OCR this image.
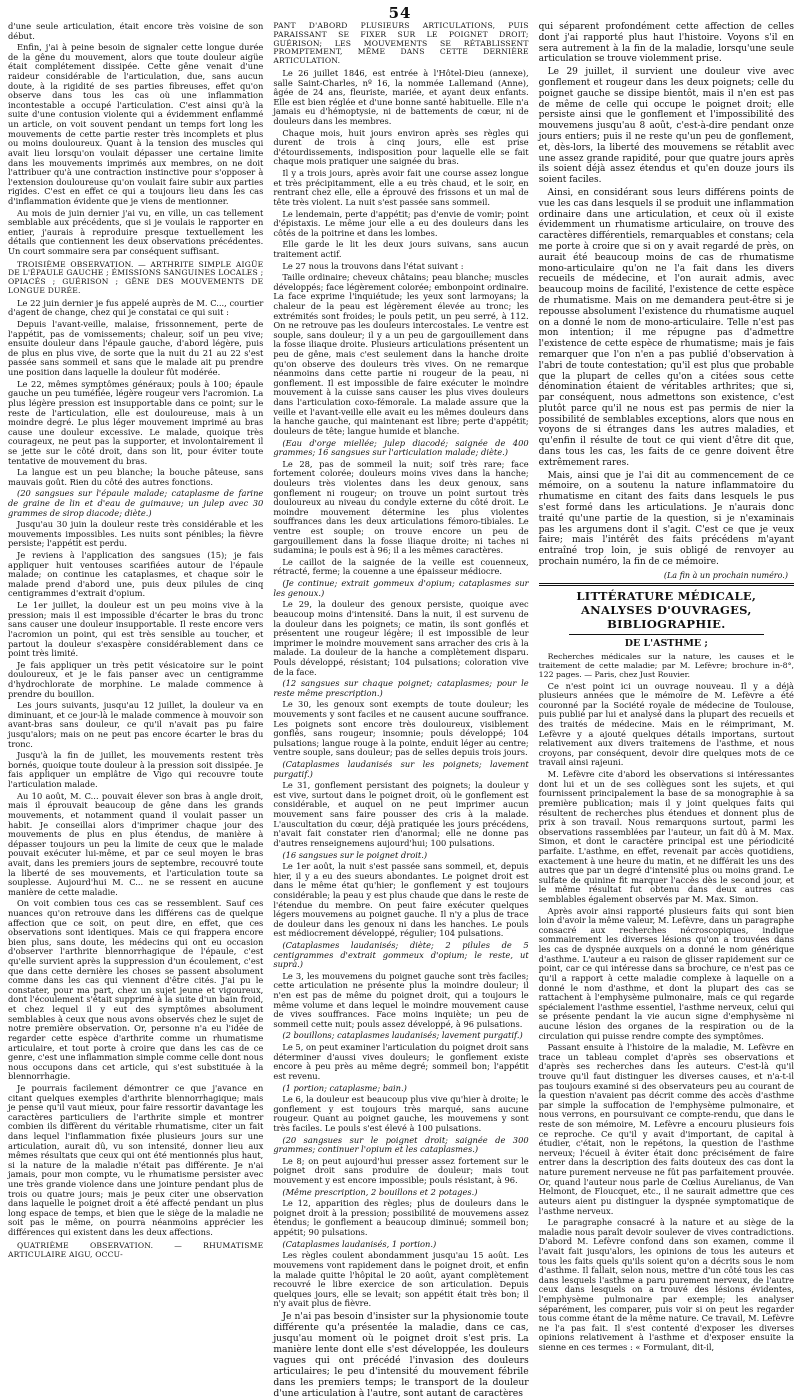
54

d'une seule articulation, était encore très voisine de son début.

Enfin, j'ai à peine besoin de signaler cette longue durée de la gêne du mouvement, alors que toute douleur aigüe était complétement dissipée. Cette gêne venait d'une raideur considérable de l'articulation, due, sans aucun doute, à la rigidité de ses parties fibreuses, effet qu'on observe dans tous les cas où une inflammation incontestable a occupé l'articulation. C'est ainsi qu'à la suite d'une contusion violente qui a évidemment enflammé un article, on voit souvent pendant un temps fort long les mouvements de cette partie rester très incomplets et plus ou moins douloureux. Quant à la tension des muscles qui avait lieu lorsqu'on voulait dépasser une certaine limite dans les mouvements imprimés aux membres, on ne doit l'attribuer qu'à une contraction instinctive pour s'opposer à l'extension douloureuse qu'on voulait faire subir aux parties rigides. C'est en effet ce qui a toujours lieu dans les cas d'inflammation évidente que je viens de mentionner.

Au mois de juin dernier j'ai vu, en ville, un cas tellement semblable aux précédents, que si je voulais le rapporter en entier, j'aurais à reproduire presque textuellement les détails que contiennent les deux observations précédentes. Un court sommaire sera par conséquent suffisant.

TROISIÈME OBSERVATION. — ARTHRITE SIMPLE AIGÜE DE L'ÉPAULE GAUCHE ; ÉMISSIONS SANGUINES LOCALES ; OPIACÉS ; GUÉRISON ; GÊNE DES MOUVEMENTS DE LONGUE DURÉE.

Le 22 juin dernier je fus appelé auprès de M. C..., courtier d'agent de change, chez qui je constatai ce qui suit :

Depuis l'avant-veille, malaise, frissonnement, perte de l'appétit, pas de vomissements; chaleur, soif un peu vive; ensuite douleur dans l'épaule gauche, d'abord légère, puis de plus en plus vive, de sorte que la nuit du 21 au 22 s'est passée sans sommeil et sans que le malade ait pu prendre une position dans laquelle la douleur fût modérée.

Le 22, mêmes symptômes généraux; pouls à 100; épaule gauche un peu tuméfiée, légère rougeur vers l'acromion. La plus légère pression est insupportable dans ce point; sur le reste de l'articulation, elle est douloureuse, mais à un moindre degré. Le plus léger mouvement imprimé au bras cause une douleur excessive. Le malade, quoique très courageux, ne peut pas la supporter, et involontairement il se jette sur le côté droit, dans son lit, pour éviter toute tentative de mouvement du bras.

La langue est un peu blanche; la bouche pâteuse, sans mauvais goût. Rien du côté des autres fonctions.

(20 sangsues sur l'épaule malade; cataplasme de farine de graine de lin et d'eau de guimauve; un julep avec 30 grammes de sirop diacode; diète.)

Jusqu'au 30 juin la douleur reste très considérable et les mouvements impossibles. Les nuits sont pénibles; la fièvre persiste; l'appétit est perdu.

Je reviens à l'application des sangsues (15); je fais appliquer huit ventouses scarifiées autour de l'épaule malade; on continue les cataplasmes, et chaque soir le malade prend d'abord une, puis deux pilules de cinq centigrammes d'extrait d'opium.

Le 1er juillet, la douleur est un peu moins vive à la pression; mais il est impossible d'écarter le bras du tronc sans causer une douleur insupportable. Il reste encore vers l'acromion un point, qui est très sensible au toucher, et partout la douleur s'exaspère considérablement dans ce point très limité.

Je fais appliquer un très petit vésicatoire sur le point douloureux, et je le fais panser avec un centigramme d'hydrochlorate de morphine. Le malade commence à prendre du bouillon.

Les jours suivants, jusqu'au 12 juillet, la douleur va en diminuant, et ce jour-là le malade commence à mouvoir son avant-bras sans douleur, ce qu'il n'avait pas pu faire jusqu'alors; mais on ne peut pas encore écarter le bras du tronc.

Jusqu'à la fin de juillet, les mouvements restent très bornés, quoique toute douleur à la pression soit dissipée. Je fais appliquer un emplâtre de Vigo qui recouvre toute l'articulation malade.

Au 10 août, M. C... pouvait élever son bras à angle droit, mais il éprouvait beaucoup de gêne dans les grands mouvements, et notamment quand il voulait passer un habit. Je conseillai alors d'imprimer chaque jour des mouvements de plus en plus étendus, de manière à dépasser toujours un peu la limite de ceux que le malade pouvait exécuter lui-même, et par ce seul moyen le bras avait, dans les premiers jours de septembre, recouvré toute la liberté de ses mouvements, et l'articulation toute sa souplesse. Aujourd'hui M. C... ne se ressent en aucune manière de cette maladie.

On voit combien tous ces cas se ressemblent. Sauf ces nuances qu'on retrouve dans les différens cas de quelque affection que ce soit, on peut dire, en effet, que ces observations sont identiques. Mais ce qui frappera encore bien plus, sans doute, les médecins qui ont eu occasion d'observer l'arthrite blennorrhagique de l'épaule, c'est qu'elle survient après la suppression d'un écoulement, c'est que dans cette dernière les choses se passent absolument comme dans les cas qui viennent d'être cités. J'ai pu le constater, pour ma part, chez un sujet jeune et vigoureux, dont l'écoulement s'était supprimé à la suite d'un bain froid, et chez lequel il y eut des symptômes absolument semblables à ceux que nous avons observés chez le sujet de notre première observation. Or, personne n'a eu l'idée de regarder cette espèce d'arthrite comme un rhumatisme articulaire, et tout porte à croire que dans les cas de ce genre, c'est une inflammation simple comme celle dont nous nous occupons dans cet article, qui s'est substituée à la blennorrhagie.

Je pourrais facilement démontrer ce que j'avance en citant quelques exemples d'arthrite blennorrhagique; mais je pense qu'il vaut mieux, pour faire ressortir davantage les caractères particuliers de l'arthrite simple et montrer combien ils diffèrent du véritable rhumatisme, citer un fait dans lequel l'inflammation fixée plusieurs jours sur une articulation, aurait dû, vu son intensité, donner lieu aux mêmes résultats que ceux qui ont été mentionnés plus haut, si la nature de la maladie n'était pas différente. Je n'ai jamais, pour mon compte, vu le rhumatisme persister avec une très grande violence dans une jointure pendant plus de trois ou quatre jours; mais je peux citer une observation dans laquelle le poignet droit a été affecté pendant un plus long espace de temps, et bien que le siège de la maladie ne soit pas le même, on pourra néanmoins apprécier les différences qui existent dans les deux affections.

QUATRIÈME OBSERVATION. — RHUMATISME ARTICULAIRE AIGU, OCCU-
PANT D'ABORD PLUSIEURS ARTICULATIONS, PUIS PARAISSANT SE FIXER SUR LE POIGNET DROIT; GUÉRISON; LES MOUVEMENTS SE RÉTABLISSENT PROMPTEMENT, MÊME DANS CETTE DERNIÈRE ARTICULATION.

Le 26 juillet 1846, est entrée à l'Hôtel-Dieu (annexe), salle Saint-Charles, nº 16, la nommée Lallemand (Anne), âgée de 24 ans, fleuriste, mariée, et ayant deux enfants. Elle est bien réglée et d'une bonne santé habituelle. Elle n'a jamais eu d'hémoptysie, ni de battements de cœur, ni de douleurs dans les membres.

Chaque mois, huit jours environ après ses règles qui durent de trois à cinq jours, elle est prise d'étourdissements, indisposition pour laquelle elle se fait chaque mois pratiquer une saignée du bras.

Il y a trois jours, après avoir fait une course assez longue et très précipitamment, elle a eu très chaud, et le soir, en rentrant chez elle, elle a éprouvé des frissons et un mal de tête très violent. La nuit s'est passée sans sommeil.

Le lendemain, perte d'appétit; pas d'envie de vomir; point d'épistaxis. Le même jour elle a eu des douleurs dans les côtés de la poitrine et dans les lombes.

Elle garde le lit les deux jours suivans, sans aucun traitement actif.

Le 27 nous la trouvons dans l'état suivant :

Taille ordinaire; cheveux châtains; peau blanche; muscles développés; face légèrement colorée; embonpoint ordinaire. La face exprime l'inquiétude; les yeux sont larmoyans; la chaleur de la peau est légèrement élevée au tronc; les extrémités sont froides; le pouls petit, un peu serré, à 112. On ne retrouve pas les douleurs intercostales. Le ventre est souple, sans douleur; il y a un peu de gargouillement dans la fosse iliaque droite. Plusieurs articulations présentent un peu de gêne, mais c'est seulement dans la hanche droite qu'on observe des douleurs très vives. On ne remarque néanmoins dans cette partie ni rougeur de la peau, ni gonflement. Il est impossible de faire exécuter le moindre mouvement à la cuisse sans causer les plus vives douleurs dans l'articulation coxo-fémorale. La malade assure que la veille et l'avant-veille elle avait eu les mêmes douleurs dans la hanche gauche, qui maintenant est libre; perte d'appétit; douleurs de tête; langue humide et blanche.

(Eau d'orge miellée; julep diacodé; saignée de 400 grammes; 16 sangsues sur l'articulation malade; diète.)

Le 28, pas de sommeil la nuit; soif très rare; face fortement colorée; douleurs moins vives dans la hanche; douleurs très violentes dans les deux genoux, sans gonflement ni rougeur; on trouve un point surtout très douloureux au niveau du condyle externe du côté droit. Le moindre mouvement détermine les plus violentes souffrances dans les deux articulations fémoro-tibiales. Le ventre est souple; on trouve encore un peu de gargouillement dans la fosse iliaque droite; ni taches ni sudamina; le pouls est à 96; il a les mêmes caractères.

Le caillot de la saignée de la veille est couenneux, rétracté, ferme; la couenne a une épaisseur médiocre.

(Je continue; extrait gommeux d'opium; cataplasmes sur les genoux.)

Le 29, la douleur des genoux persiste, quoique avec beaucoup moins d'intensité. Dans la nuit, il est survenu de la douleur dans les poignets; ce matin, ils sont gonflés et présentent une rougeur légère; il est impossible de leur imprimer le moindre mouvement sans arracher des cris à la malade. La douleur de la hanche a complètement disparu. Pouls développé, résistant; 104 pulsations; coloration vive de la face.

(12 sangsues sur chaque poignet; cataplasmes; pour le reste même prescription.)

Le 30, les genoux sont exempts de toute douleur; les mouvements y sont faciles et ne causent aucune souffrance. Les poignets sont encore très douloureux, visiblement gonflés, sans rougeur; insomnie; pouls développé; 104 pulsations; langue rouge à la pointe, enduit léger au centre; ventre souple, sans douleur; pas de selles depuis trois jours.

(Cataplasmes laudanisés sur les poignets; lavement purgatif.)

Le 31, gonflement persistant des poignets; la douleur y est vive, surtout dans le poignet droit, où le gonflement est considérable, et auquel on ne peut imprimer aucun mouvement sans faire pousser des cris à la malade. L'auscultation du cœur, déjà pratiquée les jours précédens, n'avait fait constater rien d'anormal; elle ne donne pas d'autres renseignemens aujourd'hui; 100 pulsations.

(16 sangsues sur le poignet droit.)

Le 1er août, la nuit s'est passée sans sommeil, et, depuis hier, il y a eu des sueurs abondantes. Le poignet droit est dans le même état qu'hier; le gonflement y est toujours considérable; la peau y est plus chaude que dans le reste de l'étendue du membre. On peut faire exécuter quelques légers mouvemens au poignet gauche. Il n'y a plus de trace de douleur dans les genoux ni dans les hanches. Le pouls est médiocrement développé, régulier; 104 pulsations.

(Cataplasmes laudanisés; diète; 2 pilules de 5 centigrammes d'extrait gommeux d'opium; le reste, ut suprà.)

Le 3, les mouvemens du poignet gauche sont très faciles; cette articulation ne présente plus la moindre douleur; il n'en est pas de même du poignet droit, qui a toujours le même volume et dans lequel le moindre mouvement cause de vives souffrances. Face moins inquiète; un peu de sommeil cette nuit; pouls assez développé, à 96 pulsations.

(2 bouillons; cataplasmes laudanisés; lavement purgatif.)

Le 5, on peut examiner l'articulation du poignet droit sans déterminer d'aussi vives douleurs; le gonflement existe encore à peu près au même degré; sommeil bon; l'appétit est revenu.

(1 portion; cataplasme; bain.)

Le 6, la douleur est beaucoup plus vive qu'hier à droite; le gonflement y est toujours très marqué, sans aucune rougeur. Quant au poignet gauche, les mouvemens y sont très faciles. Le pouls s'est élevé à 100 pulsations.

(20 sangsues sur le poignet droit; saignée de 300 grammes; continuer l'opium et les cataplasmes.)

Le 8; on peut aujourd'hui presser assez fortement sur le poignet droit sans produire de douleur; mais tout mouvement y est encore impossible; pouls résistant, à 96.

(Même prescription, 2 bouillons et 2 potages.)

Le 12, apparition des règles; plus de douleurs dans le poignet droit à la pression; possibilité de mouvemens assez étendus; le gonflement a beaucoup diminué; sommeil bon; appétit; 90 pulsations.

(Cataplasmes laudanisés, 1 portion.)

Les règles coulent abondamment jusqu'au 15 août. Les mouvemens vont rapidement dans le poignet droit, et enfin la malade quitte l'hôpital le 20 août, ayant complètement recouvré le libre exercice de son articulation. Depuis quelques jours, elle se levait; son appétit était très bon; il n'y avait plus de fièvre.

Je n'ai pas besoin d'insister sur la physionomie toute différente qu'a présentée la maladie, dans ce cas, jusqu'au moment où le poignet droit s'est pris. La manière lente dont elle s'est développée, les douleurs vagues qui ont précédé l'invasion des douleurs articulaires; le peu d'intensité du mouvement fébrile dans les premiers temps; le transport de la douleur d'une articulation à l'autre, sont autant de caractères

qui séparent profondément cette affection de celles dont j'ai rapporté plus haut l'histoire. Voyons s'il en sera autrement à la fin de la maladie, lorsqu'une seule articulation se trouve violemment prise.

Le 29 juillet, il survient une douleur vive avec gonflement et rougeur dans les deux poignets; celle du poignet gauche se dissipe bientôt, mais il n'en est pas de même de celle qui occupe le poignet droit; elle persiste ainsi que le gonflement et l'impossibilité des mouvemens jusqu'au 8 août, c'est-à-dire pendant onze jours entiers; puis il ne reste qu'un peu de gonflement, et, dès-lors, la liberté des mouvemens se rétablit avec une assez grande rapidité, pour que quatre jours après ils soient déjà assez étendus et qu'en douze jours ils soient faciles.

Ainsi, en considérant sous leurs différens points de vue les cas dans lesquels il se produit une inflammation ordinaire dans une articulation, et ceux où il existe évidemment un rhumatisme articulaire, on trouve des caractères différentiels, remarquables et constans; cela me porte à croire que si on y avait regardé de près, on aurait été beaucoup moins de cas de rhumatisme mono-articulaire qu'on ne l'a fait dans les divers recueils de médecine, et l'on aurait admis, avec beaucoup moins de facilité, l'existence de cette espèce de rhumatisme. Mais on me demandera peut-être si je repousse absolument l'existence du rhumatisme auquel on a donné le nom de mono-articulaire. Telle n'est pas mon intention; il me répugne pas d'admettre l'existence de cette espèce de rhumatisme; mais je fais remarquer que l'on n'en a pas publié d'observation à l'abri de toute contestation; qu'il est plus que probable que la plupart de celles qu'on a citées sous cette dénomination étaient de véritables arthrites; que si, par conséquent, nous admettons son existence, c'est plutôt parce qu'il ne nous est pas permis de nier la possibilité de semblables exceptions, alors que nous en voyons de si étranges dans les autres maladies, et qu'enfin il résulte de tout ce qui vient d'être dit que, dans tous les cas, les faits de ce genre doivent être extrêmement rares.

Mais, ainsi que je l'ai dit au commencement de ce mémoire, on a soutenu la nature inflammatoire du rhumatisme en citant des faits dans lesquels le pus s'est formé dans les articulations. Je n'aurais donc traité qu'une partie de la question, si je n'examinais pas les argumens dont il s'agit. C'est ce que je veux faire; mais l'intérêt des faits précédens m'ayant entraîné trop loin, je suis obligé de renvoyer au prochain numéro, la fin de ce mémoire.

(La fin à un prochain numéro.)
LITTÉRATURE MÉDICALE, ANALYSES D'OUVRAGES, BIBLIOGRAPHIE.
DE L'ASTHME ;
Recherches médicales sur la nature, les causes et le traitement de cette maladie; par M. Lefèvre; brochure in-8°, 122 pages. — Paris, chez Just Rouvier.

Ce n'est point ici un ouvrage nouveau. Il y a déjà plusieurs années que le mémoire de M. Lefèvre a été couronné par la Société royale de médecine de Toulouse, puis publié par lui et analysé dans la plupart des recueils et des traités de médecine. Mais en le réimprimant, M. Lefèvre y a ajouté quelques détails importans, surtout relativement aux divers traitemens de l'asthme, et nous croyons, par conséquent, devoir dire quelques mots de ce travail ainsi rajeuni.

M. Lefèvre cite d'abord les observations si intéressantes dont lui et un de ses collègues sont les sujets, et qui fournissent principalement la base de sa monographie à sa première publication; mais il y joint quelques faits qui résultent de recherches plus étendues et donnent plus de prix à son travail. Nous remarquons surtout, parmi les observations rassemblées par l'auteur, un fait dû à M. Max. Simon, et dont le caractère principal est une périodicité parfaite. L'asthme, en effet, revenait par accès quotidiens, exactement à une heure du matin, et ne différait les uns des autres que par un degré d'intensité plus ou moins grand. Le sulfate de quinine fit marquer l'accès dès le second jour, et le même résultat fut obtenu dans deux autres cas semblables également observés par M. Max. Simon.

Après avoir ainsi rapporté plusieurs faits qui sont bien loin d'avoir la même valeur, M. Lefèvre, dans un paragraphe consacré aux recherches nécroscopiques, indique sommairement les diverses lésions qu'on a trouvées dans les cas de dyspnée auxquels on a donné le nom générique d'asthme. L'auteur a eu raison de glisser rapidement sur ce point, car ce qui intéresse dans sa brochure, ce n'est pas ce qu'il a rapport à cette maladie complexe à laquelle on a donné le nom d'asthme, et dont la plupart des cas se rattachent à l'emphysème pulmonaire, mais ce qui regarde spécialement l'asthme essentiel, l'asthme nerveux, celui qui se présente pendant la vie aucun signe d'emphysème ni aucune lésion des organes de la respiration ou de la circulation qui puisse rendre compte des symptômes.

Passant ensuite à l'histoire de la maladie, M. Lefèvre en trace un tableau complet d'après ses observations et d'après ses recherches dans les auteurs. C'est-là qu'il trouve qu'il faut distinguer les diverses causes, et n'a-t-il pas toujours examiné si des observateurs peu au courant de la question n'avaient pas décrit comme des accès d'asthme par simple la suffocation de l'emphysème pulmonaire, et nous verrons, en poursuivant ce compte-rendu, que dans le reste de son mémoire, M. Lefèvre a encouru plusieurs fois ce reproche. Ce qu'il y avait d'important, de capital à étudier, c'était, non le repétons, la question de l'asthme nerveux; l'écueil à éviter était donc précisément de faire entrer dans la description des faits douteux des cas dont la nature purement nerveuse ne fût pas parfaitement prouvée. Or, quand l'auteur nous parle de Cœlius Aurelianus, de Van Helmont, de Floucquet, etc., il ne saurait admettre que ces auteurs aient pu distinguer la dyspnée symptomatique de l'asthme nerveux.

Le paragraphe consacré à la nature et au siège de la maladie nous paraît devoir soulever de vives contradictions. D'abord M. Lefèvre confond dans son examen, comme il l'avait fait jusqu'alors, les opinions de tous les auteurs et tous les faits quels qu'ils soient qu'on a décrits sous le nom d'asthme. Il fallait, selon nous, mettre d'un côté tous les cas dans lesquels l'asthme a paru purement nerveux, de l'autre ceux dans lesquels on a trouvé des lésions évidentes, l'emphysème pulmonaire par exemple; les analyser séparément, les comparer, puis voir si on peut les regarder tous comme étant de la même nature. Ce travail, M. Lefèvre ne l'a pas fait. Il s'est contenté d'exposer les diverses opinions relativement à l'asthme et d'exposer ensuite la sienne en ces termes : « Formulant, dit-il,
